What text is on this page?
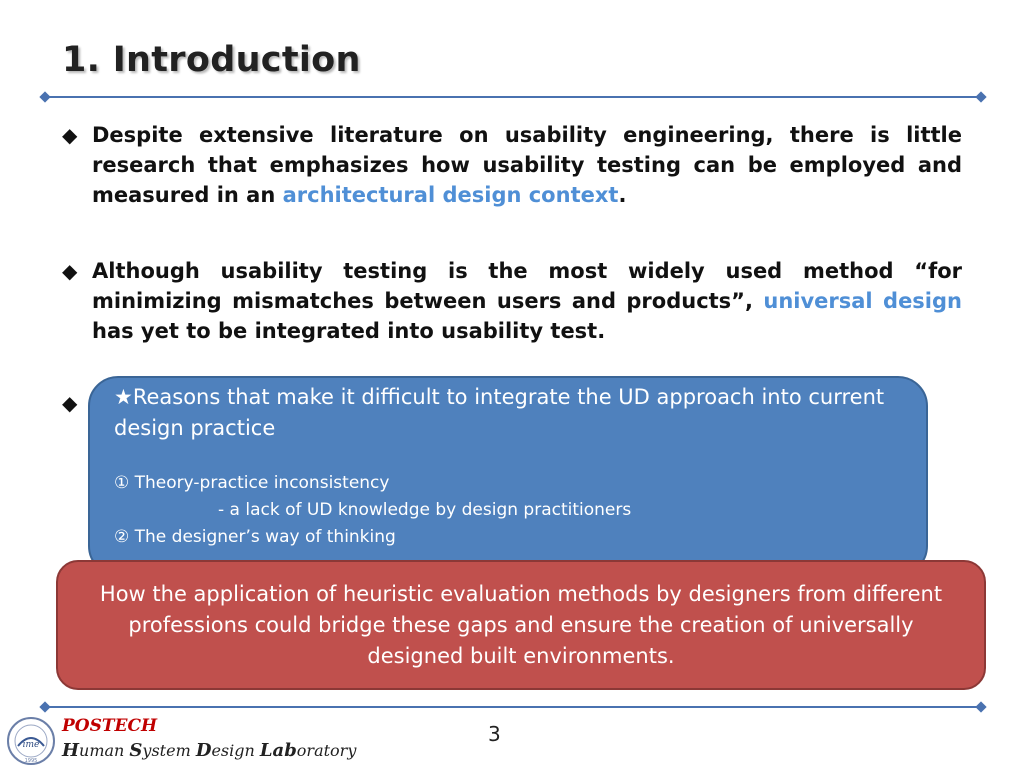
1. Introduction
◆ Despite extensive literature on usability engineering, there is little research that emphasizes how usability testing can be employed and measured in an architectural design context.
◆ Although usability testing is the most widely used method “for minimizing mismatches between users and products”, universal design has yet to be integrated into usability test.
◆ ★Reasons that make it difficult to integrate the UD approach into current design practice
① Theory-practice inconsistency
- a lack of UD knowledge by design practitioners
② The designer’s way of thinking
How the application of heuristic evaluation methods by designers from different professions could bridge these gaps and ensure the creation of universally designed built environments.
ime
1995
POSTECH
Human System Design Laboratory
3
